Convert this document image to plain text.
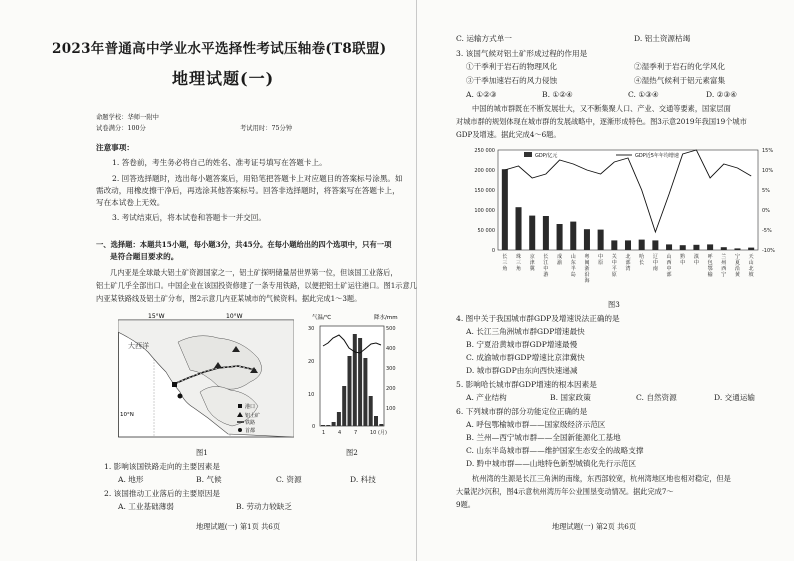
2023年普通高中学业水平选择性考试压轴卷(T8联盟)
地理试题(一)
命题学校：华师一附中
试卷满分：100分	考试用时：75分钟
注意事项：
1. 答卷前，考生务必将自己的姓名、准考证号填写在答题卡上。
2. 回答选择题时，选出每小题答案后，用铅笔把答题卡上对应题目的答案标号涂黑。如
需改动，用橡皮擦干净后，再选涂其他答案标号。回答非选择题时，将答案写在答题卡上，
写在本试卷上无效。
3. 考试结束后，将本试卷和答题卡一并交回。
一、选择题：本题共15小题，每小题3分，共45分。在每小题给出的四个选项中，只有一项
是符合题目要求的。
几内亚是全球最大铝土矿资源国家之一，铝土矿探明储量居世界第一位，但该国工业落后，
铝土矿几乎全部出口。中国企业在该国投资修建了一条专用铁路，以便把铝土矿运往港口。图1示意几
内亚某铁路线及铝土矿分布，图2示意几内亚某城市的气候资料。据此完成1～3题。
15°W	10°W
10°N
大西洋
港口
铝土矿
铁路
首都
图1
气温/℃	降水/mm
30
20
10
0
500
400
300
200
100
1	4	7	10 (月)
图2
1. 影响该国铁路走向的主要因素是
A. 地形	B. 气候	C. 资源	D. 科技
2. 该国推动工业落后的主要原因是
A. 工业基础薄弱	B. 劳动力较缺乏
地理试题(一) 第1页 共6页
C. 运输方式单一	D. 铝土资源枯竭
3. 该国气候对铝土矿形成过程的作用是
①干季利于岩石的物理风化	②湿季利于岩石的化学风化
③干季加速岩石的风力侵蚀	④湿热气候利于铝元素富集
A. ①②③	B. ①②④	C. ①③④	D. ②③④
中国的城市群既在不断发展壮大，又不断集聚人口、产业、交通等要素，国家层面
对城市群的规划体现在城市群的发展战略中，逐渐形成特色。图3示意2019年我国19个城市
GDP及增速。据此完成4～6题。
250 000
200 000
150 000
100 000
50 000
0
15%
10%
5%
0%
-5%
-10%
GDP/亿元	GDP近5年年均增速
长
三
角
珠
三
角
京
津
冀
长
江
中
游
成
渝
山
东
半
岛
粤
闽
浙
沿
海
中
原
关
中
平
原
北
部
湾
哈
长
辽
中
南
山
西
中
部
黔
中
滇
中
呼
包
鄂
榆
兰
州
西
宁
宁
夏
沿
黄
天
山
北
坡
图3
4. 图中关于我国城市群GDP及增速说法正确的是
A. 长江三角洲城市群GDP增速最快
B. 宁夏沿黄城市群GDP增速最慢
C. 成渝城市群GDP增速比京津冀快
D. 城市群GDP由东向西快速递减
5. 影响哈长城市群GDP增速的根本因素是
A. 产业结构	B. 国家政策	C. 自然资源	D. 交通运输
6. 下列城市群的部分功能定位正确的是
A. 呼包鄂榆城市群——国家级经济示范区
B. 兰州—西宁城市群——全国新能源化工基地
C. 山东半岛城市群——维护国家生态安全的战略支撑
D. 黔中城市群——山地特色新型城镇化先行示范区
杭州湾的生源是长江三角洲的南缘，东西部较宽，杭州湾地区地也相对稳定，但是
大量泥沙沉积，图4示意杭州湾历年公业围垦变动情况。据此完成7～
9题。
地理试题(一) 第2页 共6页
